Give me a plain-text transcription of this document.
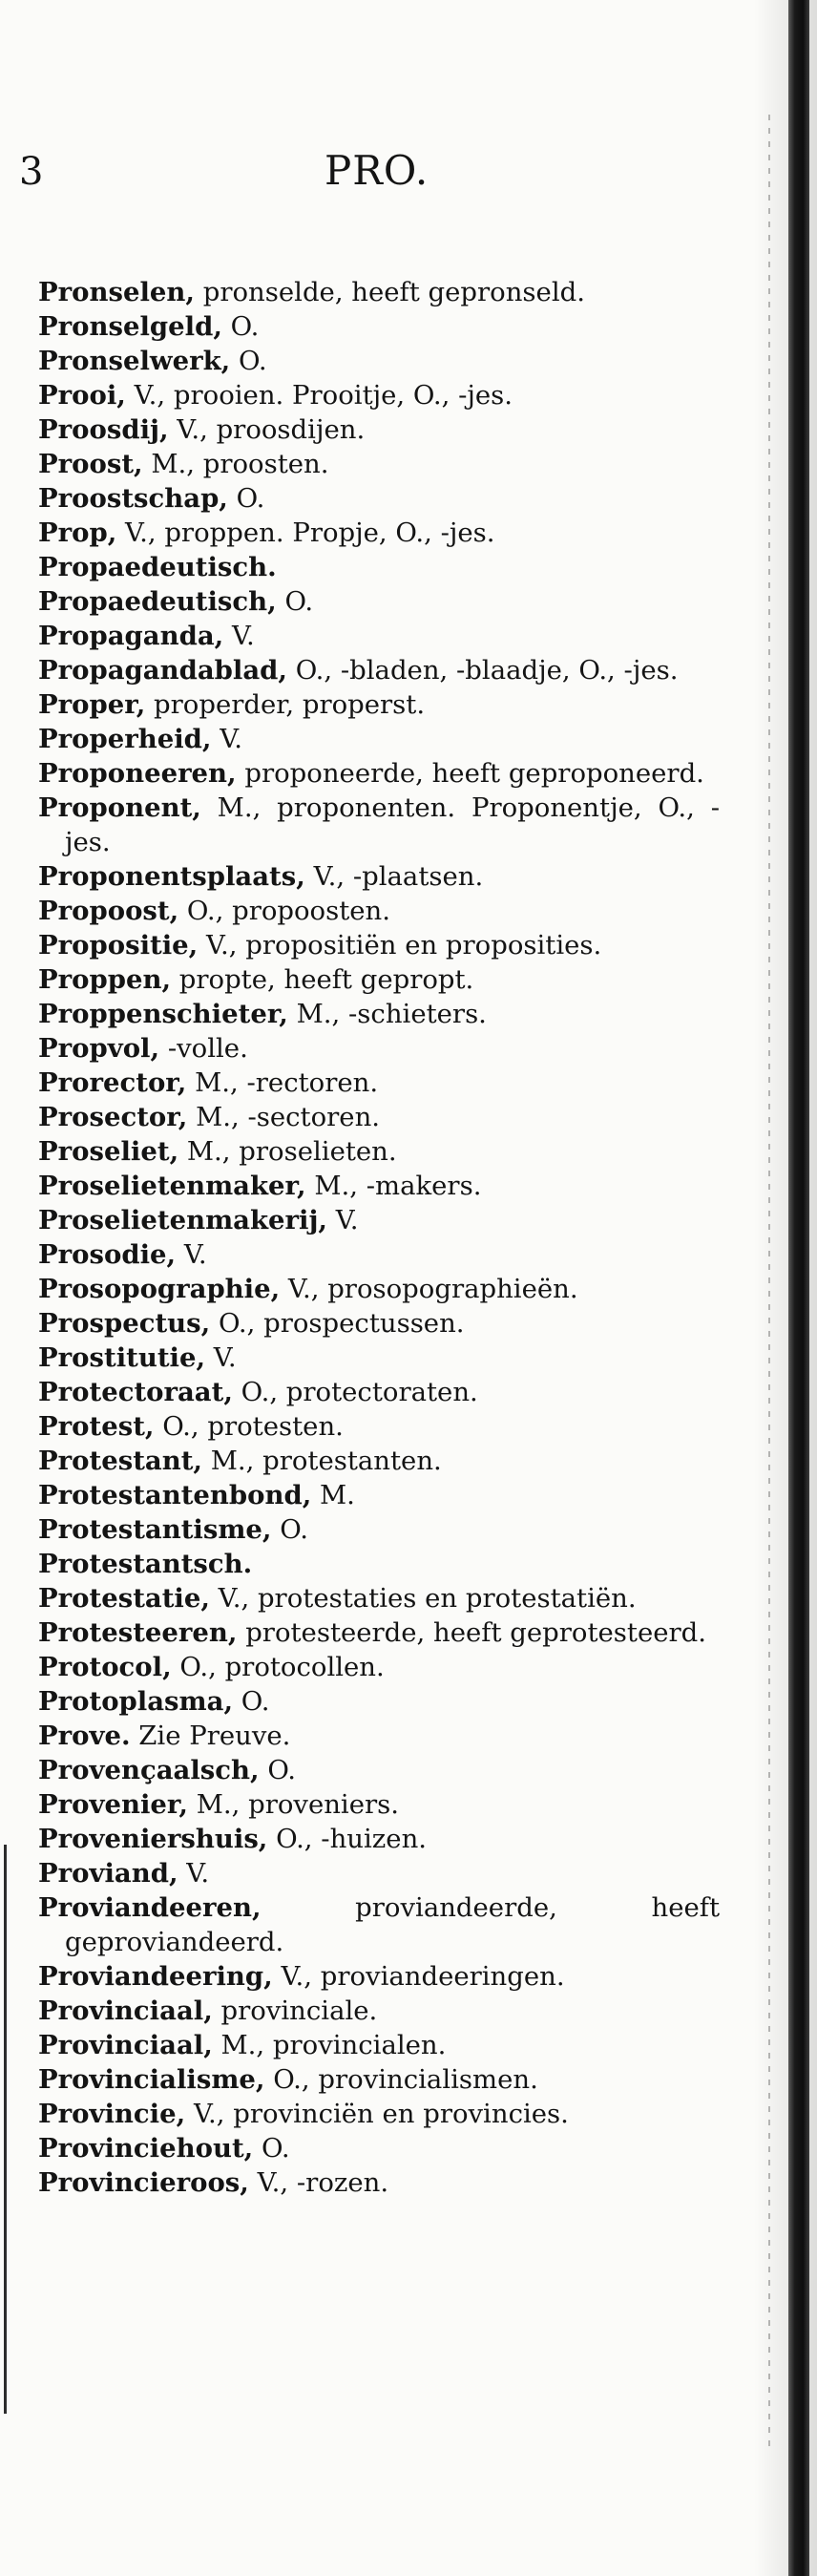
3	PRO.
Pronselen, pronselde, heeft gepronseld.
Pronselgeld, O.
Pronselwerk, O.
Prooi, V., prooien. Prooitje, O., -jes.
Proosdij, V., proosdijen.
Proost, M., proosten.
Proostschap, O.
Prop, V., proppen. Propje, O., -jes.
Propaedeutisch.
Propaedeutisch, O.
Propaganda, V.
Propagandablad, O., -bladen, -blaadje, O., -jes.
Proper, properder, properst.
Properheid, V.
Proponeeren, proponeerde, heeft geproponeerd.
Proponent, M., proponenten. Proponentje, O., -jes.
Proponentsplaats, V., -plaatsen.
Propoost, O., propoosten.
Propositie, V., propositiën en proposities.
Proppen, propte, heeft gepropt.
Proppenschieter, M., -schieters.
Propvol, -volle.
Prorector, M., -rectoren.
Prosector, M., -sectoren.
Proseliet, M., proselieten.
Proselietenmaker, M., -makers.
Proselietenmakerij, V.
Prosodie, V.
Prosopographie, V., prosopographieën.
Prospectus, O., prospectussen.
Prostitutie, V.
Protectoraat, O., protectoraten.
Protest, O., protesten.
Protestant, M., protestanten.
Protestantenbond, M.
Protestantisme, O.
Protestantsch.
Protestatie, V., protestaties en protestatiën.
Protesteeren, protesteerde, heeft geprotesteerd.
Protocol, O., protocollen.
Protoplasma, O.
Prove. Zie Preuve.
Provençaalsch, O.
Provenier, M., proveniers.
Proveniershuis, O., -huizen.
Proviand, V.
Proviandeeren, proviandeerde, heeft geproviandeerd.
Proviandeering, V., proviandeeringen.
Provinciaal, provinciale.
Provinciaal, M., provincialen.
Provincialisme, O., provincialismen.
Provincie, V., provinciën en provincies.
Provinciehout, O.
Provincieroos, V., -rozen.
